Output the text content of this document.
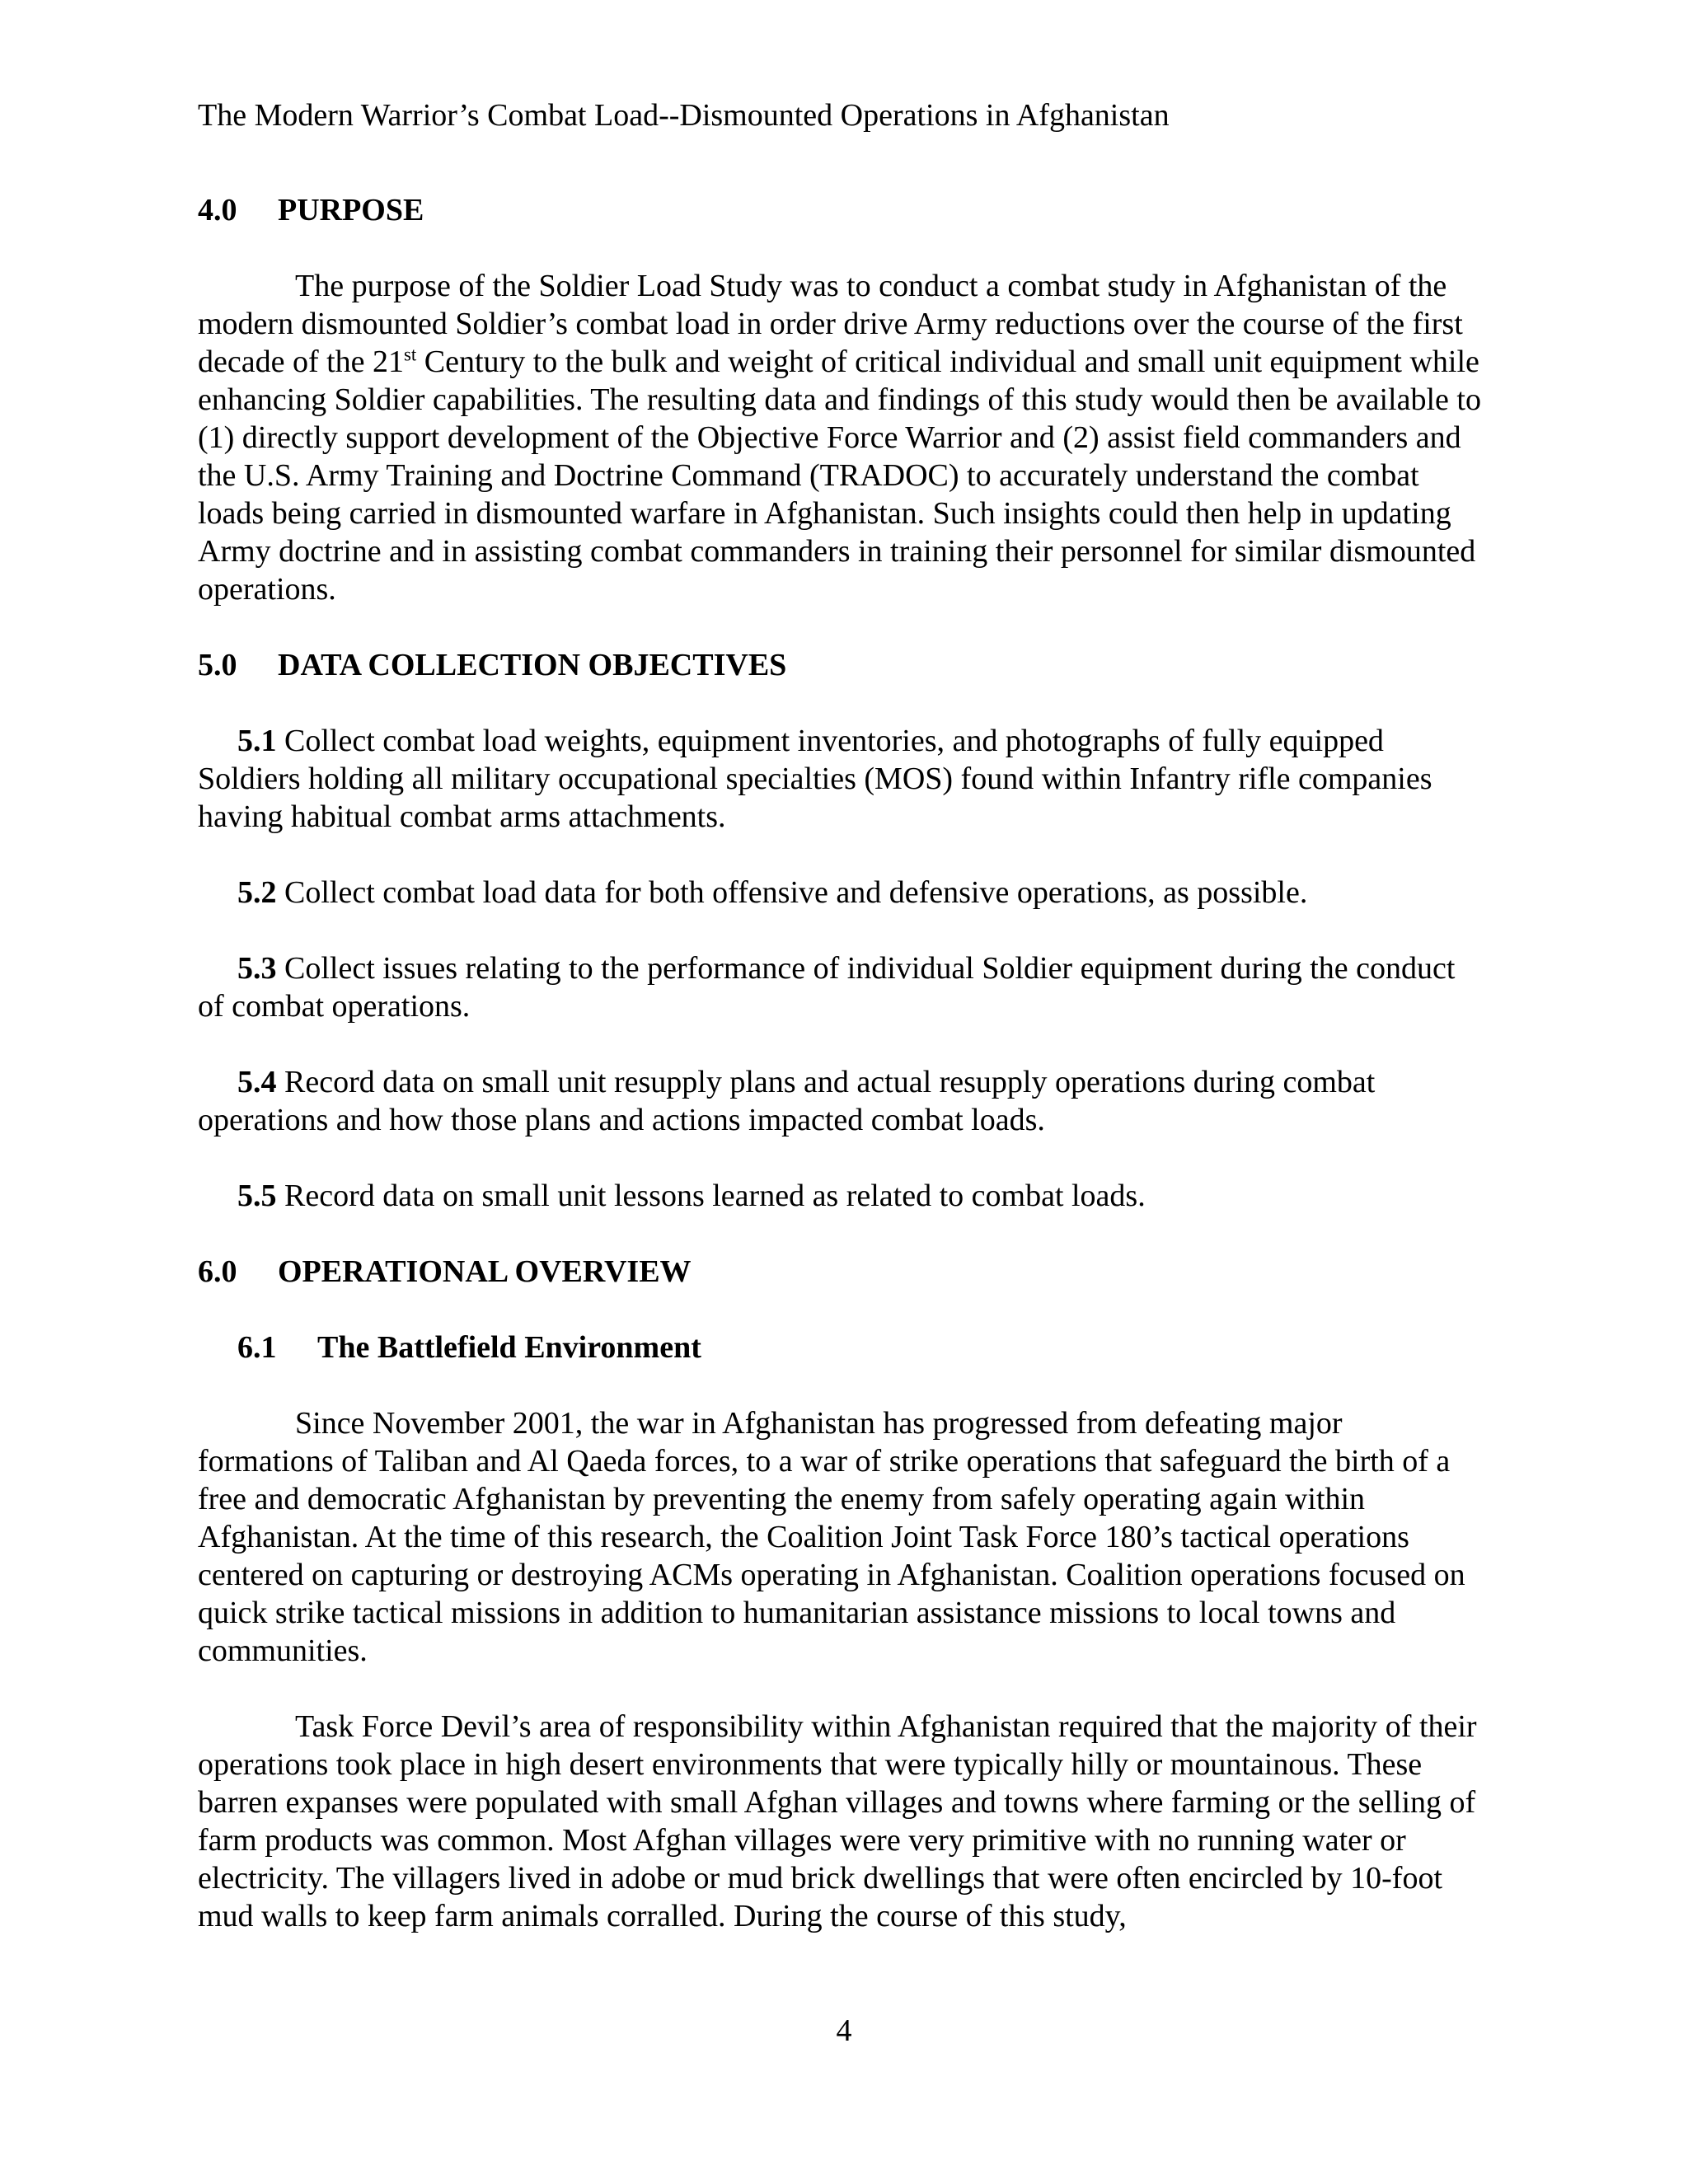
The Modern Warrior’s Combat Load--Dismounted Operations in Afghanistan
4.0 PURPOSE

The purpose of the Soldier Load Study was to conduct a combat study in Afghanistan of the modern dismounted Soldier’s combat load in order drive Army reductions over the course of the first decade of the 21st Century to the bulk and weight of critical individual and small unit equipment while enhancing Soldier capabilities. The resulting data and findings of this study would then be available to (1) directly support development of the Objective Force Warrior and (2) assist field commanders and the U.S. Army Training and Doctrine Command (TRADOC) to accurately understand the combat loads being carried in dismounted warfare in Afghanistan. Such insights could then help in updating Army doctrine and in assisting combat commanders in training their personnel for similar dismounted operations.

5.0 DATA COLLECTION OBJECTIVES

5.1 Collect combat load weights, equipment inventories, and photographs of fully equipped Soldiers holding all military occupational specialties (MOS) found within Infantry rifle companies having habitual combat arms attachments.

5.2 Collect combat load data for both offensive and defensive operations, as possible.

5.3 Collect issues relating to the performance of individual Soldier equipment during the conduct of combat operations.

5.4 Record data on small unit resupply plans and actual resupply operations during combat operations and how those plans and actions impacted combat loads.

5.5 Record data on small unit lessons learned as related to combat loads.

6.0 OPERATIONAL OVERVIEW
6.1 The Battlefield Environment

Since November 2001, the war in Afghanistan has progressed from defeating major formations of Taliban and Al Qaeda forces, to a war of strike operations that safeguard the birth of a free and democratic Afghanistan by preventing the enemy from safely operating again within Afghanistan. At the time of this research, the Coalition Joint Task Force 180’s tactical operations centered on capturing or destroying ACMs operating in Afghanistan. Coalition operations focused on quick strike tactical missions in addition to humanitarian assistance missions to local towns and communities.

Task Force Devil’s area of responsibility within Afghanistan required that the majority of their operations took place in high desert environments that were typically hilly or mountainous. These barren expanses were populated with small Afghan villages and towns where farming or the selling of farm products was common. Most Afghan villages were very primitive with no running water or electricity. The villagers lived in adobe or mud brick dwellings that were often encircled by 10-foot mud walls to keep farm animals corralled. During the course of this study,

4
